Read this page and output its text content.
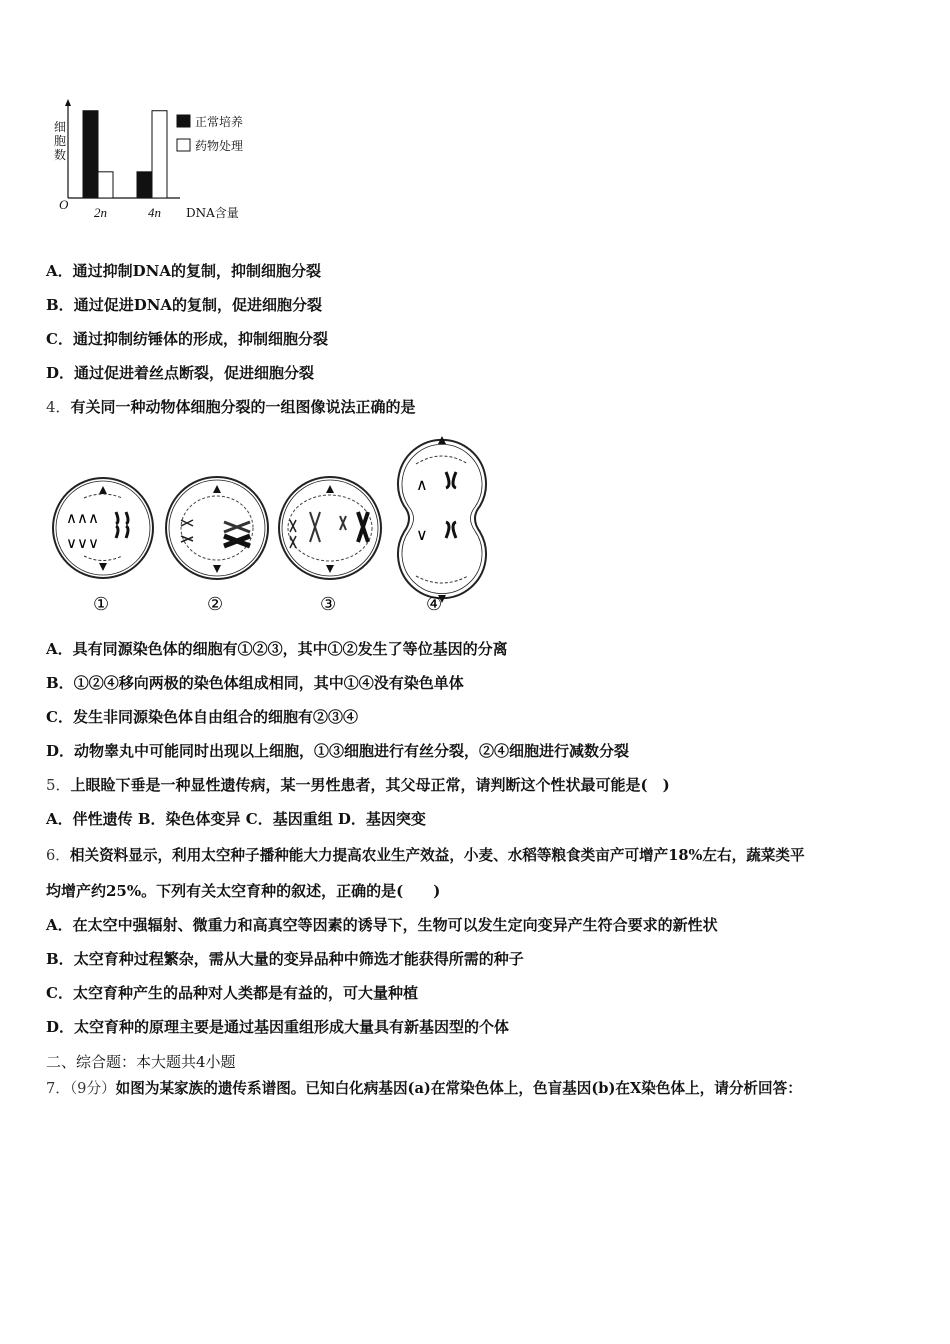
细
胞
数
O
2n	4n DNA含量
正常培养
药物处理
A．通过抑制DNA的复制，抑制细胞分裂
B．通过促进DNA的复制，促进细胞分裂
C．通过抑制纺锤体的形成，抑制细胞分裂
D．通过促进着丝点断裂，促进细胞分裂
4．有关同一种动物体细胞分裂的一组图像说法正确的是
∧∧∧
∨∨∨
∧
∨
①	②	③	④
A．具有同源染色体的细胞有①②③，其中①②发生了等位基因的分离
B．①②④移向两极的染色体组成相同，其中①④没有染色单体
C．发生非同源染色体自由组合的细胞有②③④
D．动物睾丸中可能同时出现以上细胞，①③细胞进行有丝分裂，②④细胞进行减数分裂
5．上眼睑下垂是一种显性遗传病，某一男性患者，其父母正常，请判断这个性状最可能是(　)
A．伴性遗传 B．染色体变异 C．基因重组 D．基因突变
6．相关资料显示，利用太空种子播种能大力提高农业生产效益，小麦、水稻等粮食类亩产可增产18%左右，蔬菜类平
均增产约25%。下列有关太空育种的叙述，正确的是(　　)
A．在太空中强辐射、微重力和高真空等因素的诱导下，生物可以发生定向变异产生符合要求的新性状
B．太空育种过程繁杂，需从大量的变异品种中筛选才能获得所需的种子
C．太空育种产生的品种对人类都是有益的，可大量种植
D．太空育种的原理主要是通过基因重组形成大量具有新基因型的个体
二、综合题：本大题共4小题
7．（9分）如图为某家族的遗传系谱图。已知白化病基因(a)在常染色体上，色盲基因(b)在X染色体上，请分析回答：
